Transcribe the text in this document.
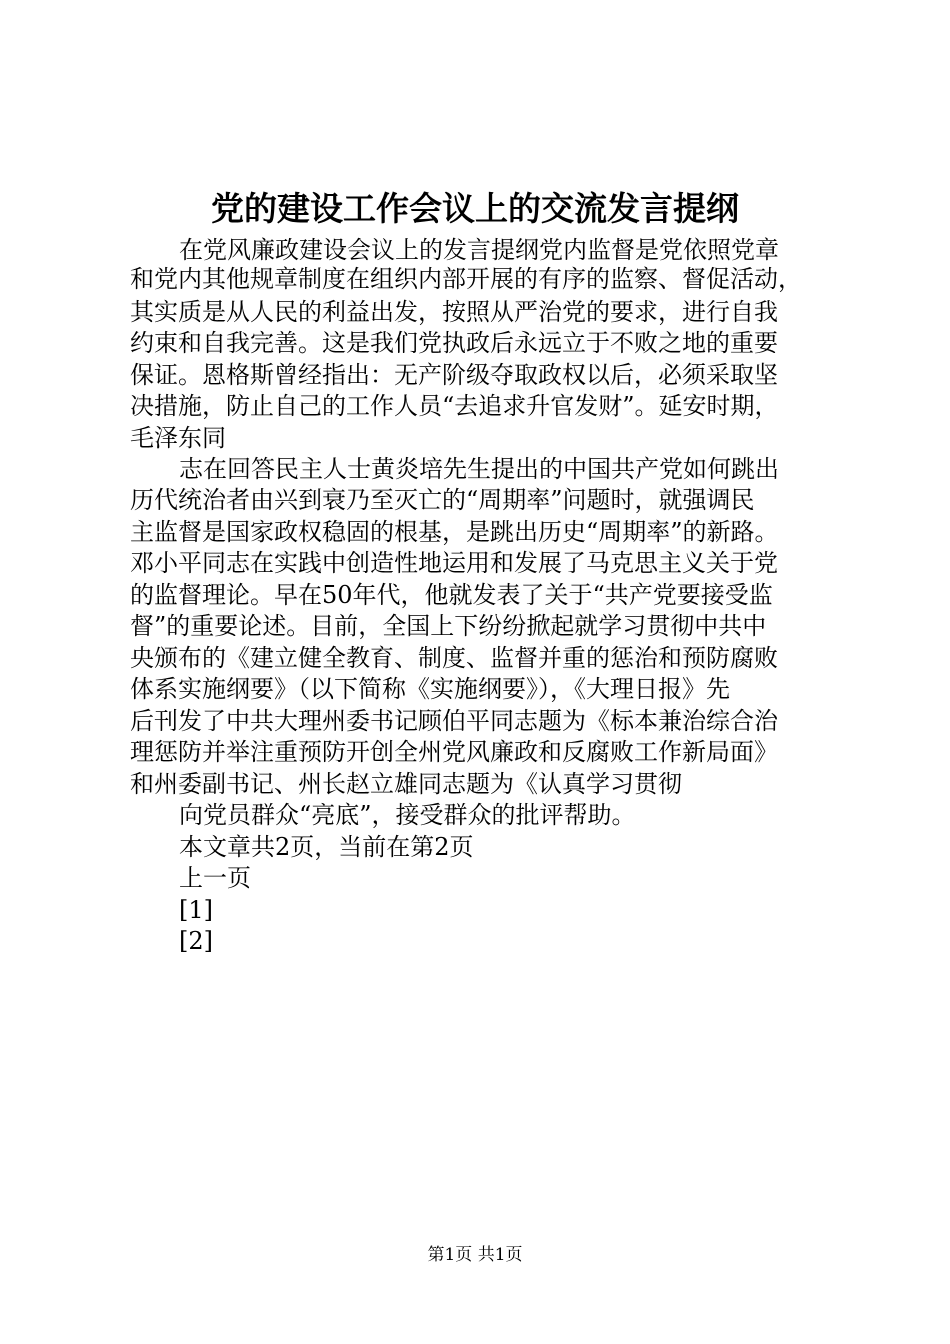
党的建设工作会议上的交流发言提纲
在党风廉政建设会议上的发言提纲党内监督是党依照党章
和党内其他规章制度在组织内部开展的有序的监察、督促活动，
其实质是从人民的利益出发，按照从严治党的要求，进行自我
约束和自我完善。这是我们党执政后永远立于不败之地的重要
保证。恩格斯曾经指出：无产阶级夺取政权以后，必须采取坚
决措施，防止自己的工作人员“去追求升官发财”。延安时期，
毛泽东同
志在回答民主人士黄炎培先生提出的中国共产党如何跳出
历代统治者由兴到衰乃至灭亡的“周期率”问题时，就强调民
主监督是国家政权稳固的根基，是跳出历史“周期率”的新路。
邓小平同志在实践中创造性地运用和发展了马克思主义关于党
的监督理论。早在50年代，他就发表了关于“共产党要接受监
督”的重要论述。目前，全国上下纷纷掀起就学习贯彻中共中
央颁布的《建立健全教育、制度、监督并重的惩治和预防腐败
体系实施纲要》（以下简称《实施纲要》），《大理日报》先
后刊发了中共大理州委书记顾伯平同志题为《标本兼治综合治
理惩防并举注重预防开创全州党风廉政和反腐败工作新局面》
和州委副书记、州长赵立雄同志题为《认真学习贯彻
向党员群众“亮底”，接受群众的批评帮助。
本文章共2页，当前在第2页
上一页
[1]
[2]
第1页 共1页
